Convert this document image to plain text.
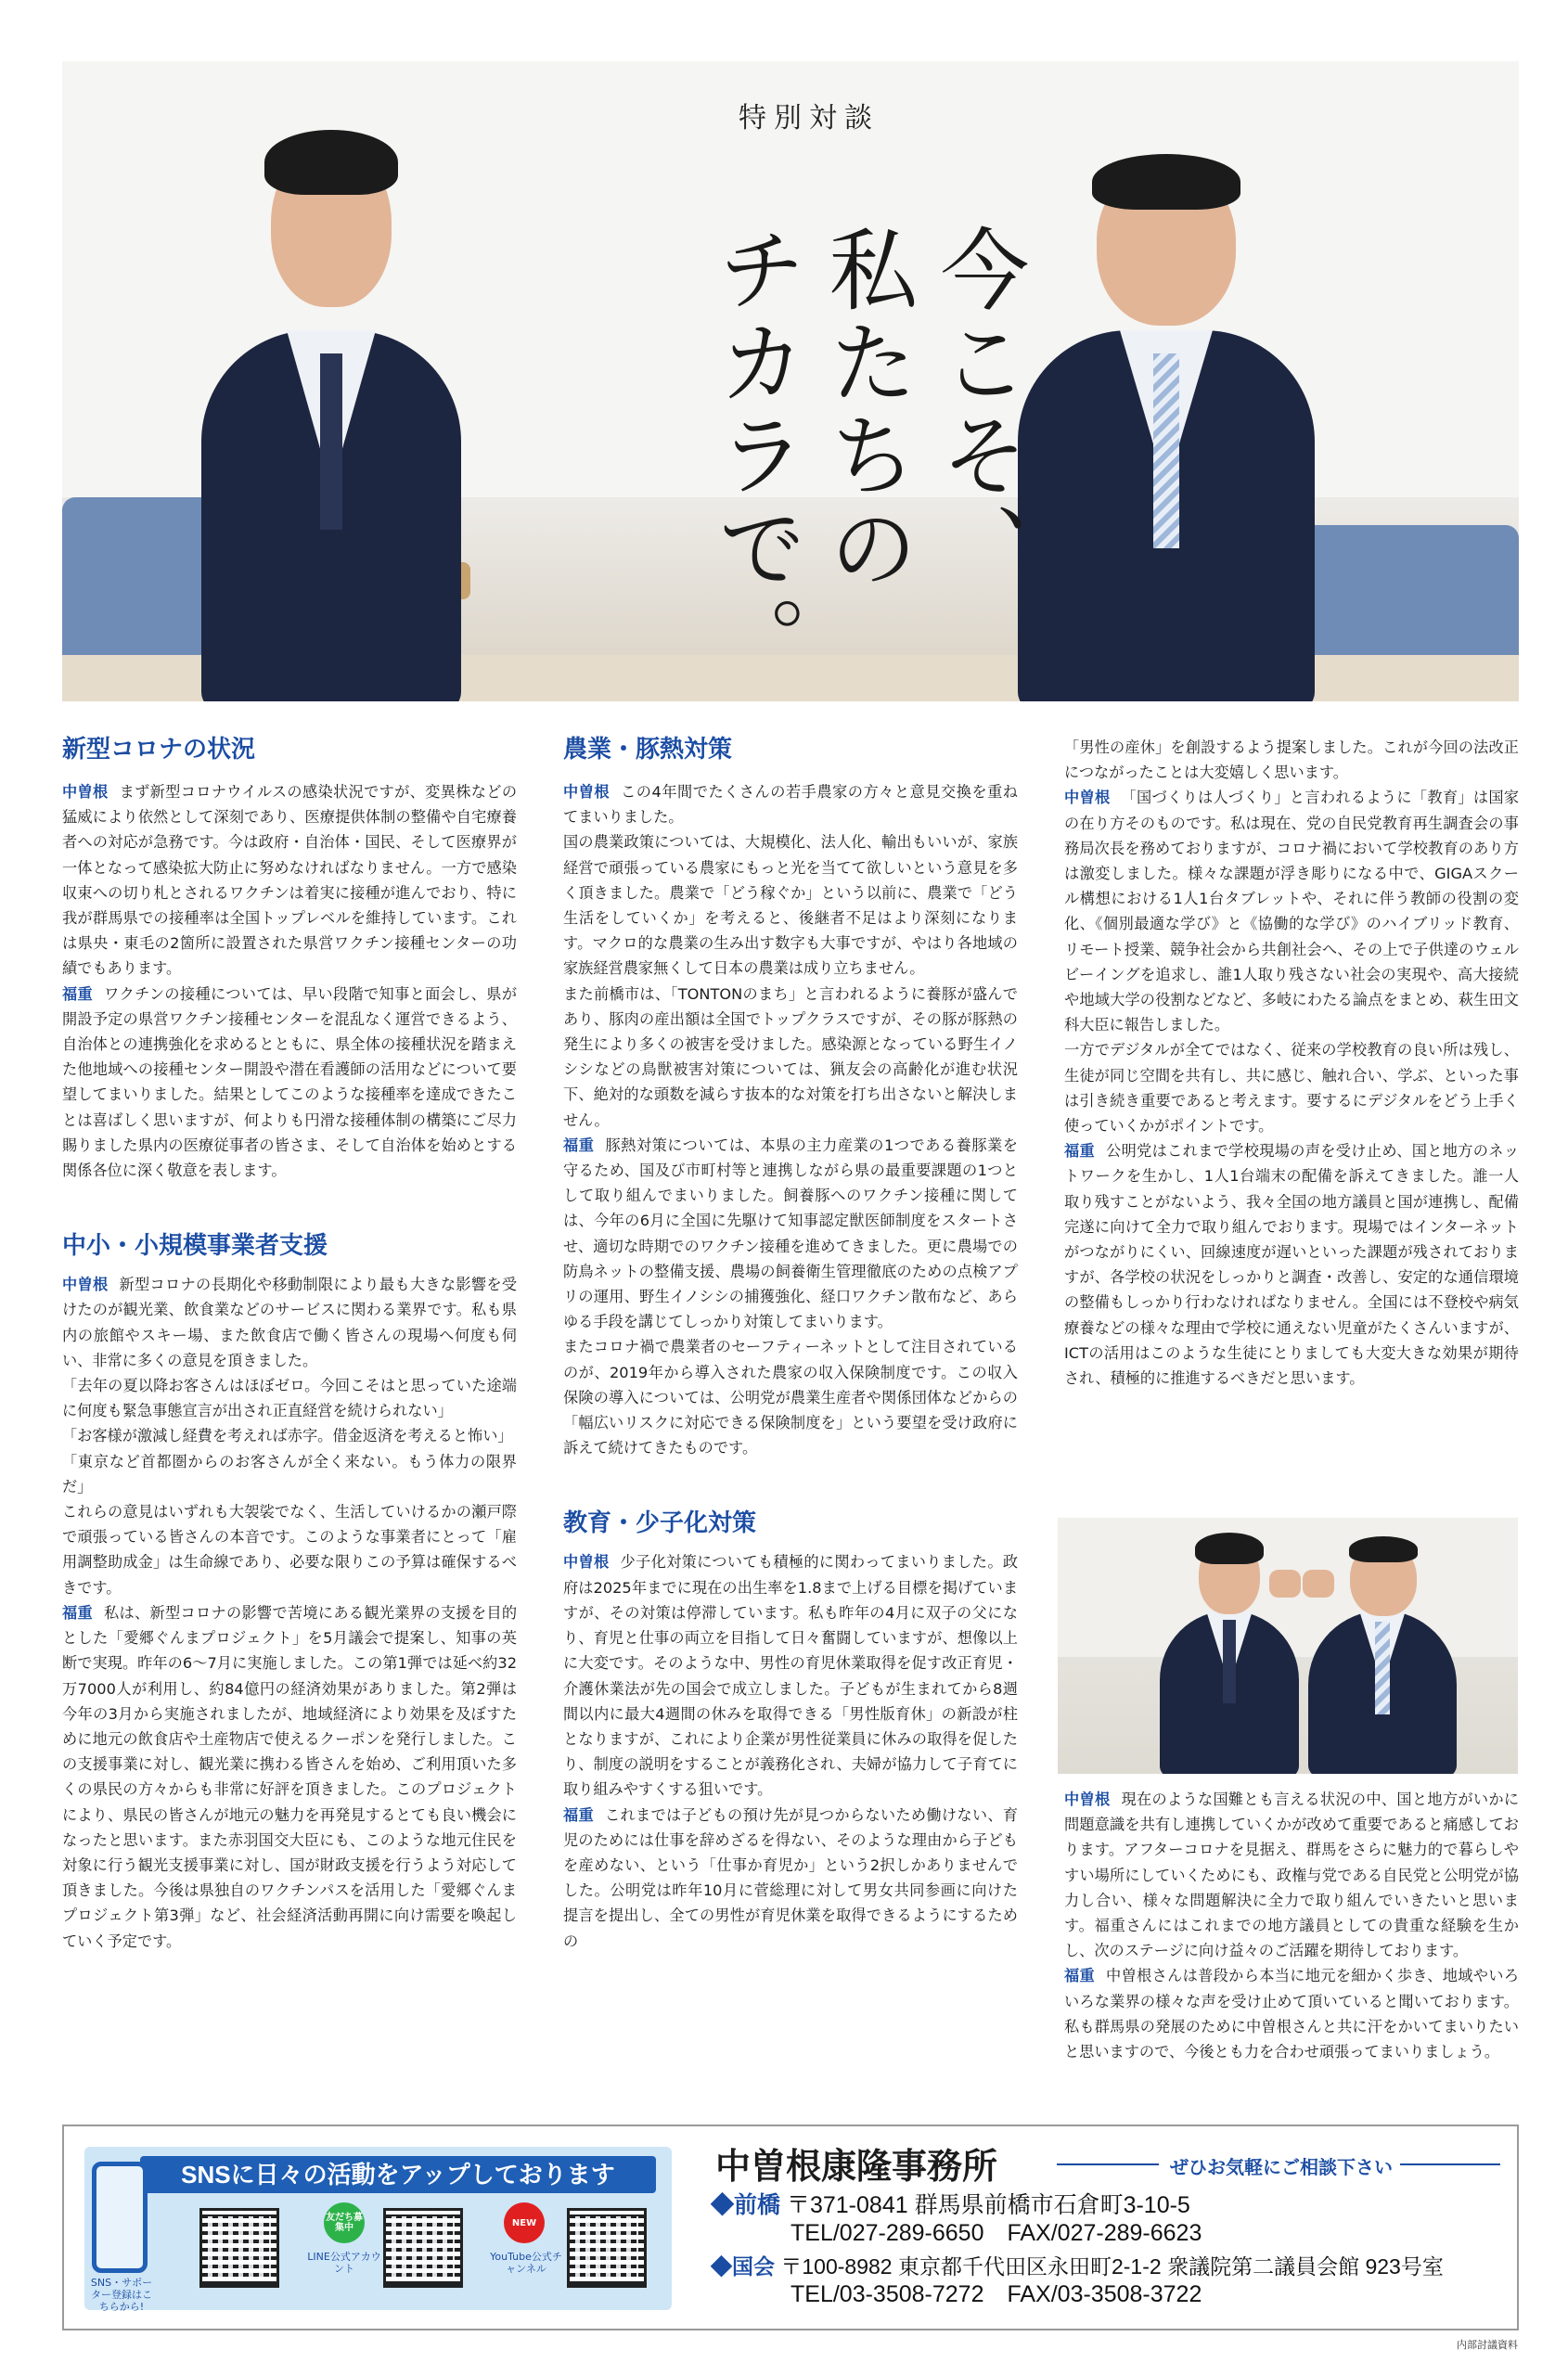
今こそ、
私たちの
チカラで。
特別対談
新型コロナの状況

中曽根 まず新型コロナウイルスの感染状況ですが、変異株などの猛威により依然として深刻であり、医療提供体制の整備や自宅療養者への対応が急務です。今は政府・自治体・国民、そして医療界が一体となって感染拡大防止に努めなければなりません。一方で感染収束への切り札とされるワクチンは着実に接種が進んでおり、特に我が群馬県での接種率は全国トップレベルを維持しています。これは県央・東毛の2箇所に設置された県営ワクチン接種センターの功績でもあります。

福重 ワクチンの接種については、早い段階で知事と面会し、県が開設予定の県営ワクチン接種センターを混乱なく運営できるよう、自治体との連携強化を求めるとともに、県全体の接種状況を踏まえた他地域への接種センター開設や潜在看護師の活用などについて要望してまいりました。結果としてこのような接種率を達成できたことは喜ばしく思いますが、何よりも円滑な接種体制の構築にご尽力賜りました県内の医療従事者の皆さま、そして自治体を始めとする関係各位に深く敬意を表します。

中小・小規模事業者支援

中曽根 新型コロナの長期化や移動制限により最も大きな影響を受けたのが観光業、飲食業などのサービスに関わる業界です。私も県内の旅館やスキー場、また飲食店で働く皆さんの現場へ何度も伺い、非常に多くの意見を頂きました。

「去年の夏以降お客さんはほぼゼロ。今回こそはと思っていた途端に何度も緊急事態宣言が出され正直経営を続けられない」

「お客様が激減し経費を考えれば赤字。借金返済を考えると怖い」

「東京など首都圏からのお客さんが全く来ない。もう体力の限界だ」

これらの意見はいずれも大袈裟でなく、生活していけるかの瀬戸際で頑張っている皆さんの本音です。このような事業者にとって「雇用調整助成金」は生命線であり、必要な限りこの予算は確保するべきです。

福重 私は、新型コロナの影響で苦境にある観光業界の支援を目的とした「愛郷ぐんまプロジェクト」を5月議会で提案し、知事の英断で実現。昨年の6〜7月に実施しました。この第1弾では延べ約32万7000人が利用し、約84億円の経済効果がありました。第2弾は今年の3月から実施されましたが、地域経済により効果を及ぼすために地元の飲食店や土産物店で使えるクーポンを発行しました。この支援事業に対し、観光業に携わる皆さんを始め、ご利用頂いた多くの県民の方々からも非常に好評を頂きました。このプロジェクトにより、県民の皆さんが地元の魅力を再発見するとても良い機会になったと思います。また赤羽国交大臣にも、このような地元住民を対象に行う観光支援事業に対し、国が財政支援を行うよう対応して頂きました。今後は県独自のワクチンパスを活用した「愛郷ぐんまプロジェクト第3弾」など、社会経済活動再開に向け需要を喚起していく予定です。

農業・豚熱対策

中曽根 この4年間でたくさんの若手農家の方々と意見交換を重ねてまいりました。

国の農業政策については、大規模化、法人化、輸出もいいが、家族経営で頑張っている農家にもっと光を当てて欲しいという意見を多く頂きました。農業で「どう稼ぐか」という以前に、農業で「どう生活をしていくか」を考えると、後継者不足はより深刻になります。マクロ的な農業の生み出す数字も大事ですが、やはり各地域の家族経営農家無くして日本の農業は成り立ちません。

また前橋市は、「TONTONのまち」と言われるように養豚が盛んであり、豚肉の産出額は全国でトップクラスですが、その豚が豚熱の発生により多くの被害を受けました。感染源となっている野生イノシシなどの鳥獣被害対策については、猟友会の高齢化が進む状況下、絶対的な頭数を減らす抜本的な対策を打ち出さないと解決しません。

福重 豚熱対策については、本県の主力産業の1つである養豚業を守るため、国及び市町村等と連携しながら県の最重要課題の1つとして取り組んでまいりました。飼養豚へのワクチン接種に関しては、今年の6月に全国に先駆けて知事認定獣医師制度をスタートさせ、適切な時期でのワクチン接種を進めてきました。更に農場での防鳥ネットの整備支援、農場の飼養衛生管理徹底のための点検アプリの運用、野生イノシシの捕獲強化、経口ワクチン散布など、あらゆる手段を講じてしっかり対策してまいります。

またコロナ禍で農業者のセーフティーネットとして注目されているのが、2019年から導入された農家の収入保険制度です。この収入保険の導入については、公明党が農業生産者や関係団体などからの「幅広いリスクに対応できる保険制度を」という要望を受け政府に訴えて続けてきたものです。

教育・少子化対策

中曽根 少子化対策についても積極的に関わってまいりました。政府は2025年までに現在の出生率を1.8まで上げる目標を掲げていますが、その対策は停滞しています。私も昨年の4月に双子の父になり、育児と仕事の両立を目指して日々奮闘していますが、想像以上に大変です。そのような中、男性の育児休業取得を促す改正育児・介護休業法が先の国会で成立しました。子どもが生まれてから8週間以内に最大4週間の休みを取得できる「男性版育休」の新設が柱となりますが、これにより企業が男性従業員に休みの取得を促したり、制度の説明をすることが義務化され、夫婦が協力して子育てに取り組みやすくする狙いです。

福重 これまでは子どもの預け先が見つからないため働けない、育児のためには仕事を辞めざるを得ない、そのような理由から子どもを産めない、という「仕事か育児か」という2択しかありませんでした。公明党は昨年10月に菅総理に対して男女共同参画に向けた提言を提出し、全ての男性が育児休業を取得できるようにするための

「男性の産休」を創設するよう提案しました。これが今回の法改正につながったことは大変嬉しく思います。

中曽根 「国づくりは人づくり」と言われるように「教育」は国家の在り方そのものです。私は現在、党の自民党教育再生調査会の事務局次長を務めておりますが、コロナ禍において学校教育のあり方は激変しました。様々な課題が浮き彫りになる中で、GIGAスクール構想における1人1台タブレットや、それに伴う教師の役割の変化、《個別最適な学び》と《協働的な学び》のハイブリッド教育、リモート授業、競争社会から共創社会へ、その上で子供達のウェルビーイングを追求し、誰1人取り残さない社会の実現や、高大接続や地域大学の役割などなど、多岐にわたる論点をまとめ、萩生田文科大臣に報告しました。

一方でデジタルが全てではなく、従来の学校教育の良い所は残し、生徒が同じ空間を共有し、共に感じ、触れ合い、学ぶ、といった事は引き続き重要であると考えます。要するにデジタルをどう上手く使っていくかがポイントです。

福重 公明党はこれまで学校現場の声を受け止め、国と地方のネットワークを生かし、1人1台端末の配備を訴えてきました。誰一人取り残すことがないよう、我々全国の地方議員と国が連携し、配備完遂に向けて全力で取り組んでおります。現場ではインターネットがつながりにくい、回線速度が遅いといった課題が残されておりますが、各学校の状況をしっかりと調査・改善し、安定的な通信環境の整備もしっかり行わなければなりません。全国には不登校や病気療養などの様々な理由で学校に通えない児童がたくさんいますが、ICTの活用はこのような生徒にとりましても大変大きな効果が期待され、積極的に推進するべきだと思います。

中曽根 現在のような国難とも言える状況の中、国と地方がいかに問題意識を共有し連携していくかが改めて重要であると痛感しております。アフターコロナを見据え、群馬をさらに魅力的で暮らしやすい場所にしていくためにも、政権与党である自民党と公明党が協力し合い、様々な問題解決に全力で取り組んでいきたいと思います。福重さんにはこれまでの地方議員としての貴重な経験を生かし、次のステージに向け益々のご活躍を期待しております。

福重 中曽根さんは普段から本当に地元を細かく歩き、地域やいろいろな業界の様々な声を受け止めて頂いていると聞いております。私も群馬県の発展のために中曽根さんと共に汗をかいてまいりたいと思いますので、今後とも力を合わせ頑張ってまいりましょう。

SNSに日々の活動をアップしております
SNS・サポーター登録はこちらから!
友だち募集中
LINE公式アカウント
NEW
YouTube公式チャンネル
中曽根康隆事務所	ぜひお気軽にご相談下さい
◆前橋 〒371-0841 群馬県前橋市石倉町3-10-5
TEL/027-289-6650　FAX/027-289-6623
◆国会 〒100-8982 東京都千代田区永田町2-1-2 衆議院第二議員会館 923号室
TEL/03-3508-7272　FAX/03-3508-3722
内部討議資料
